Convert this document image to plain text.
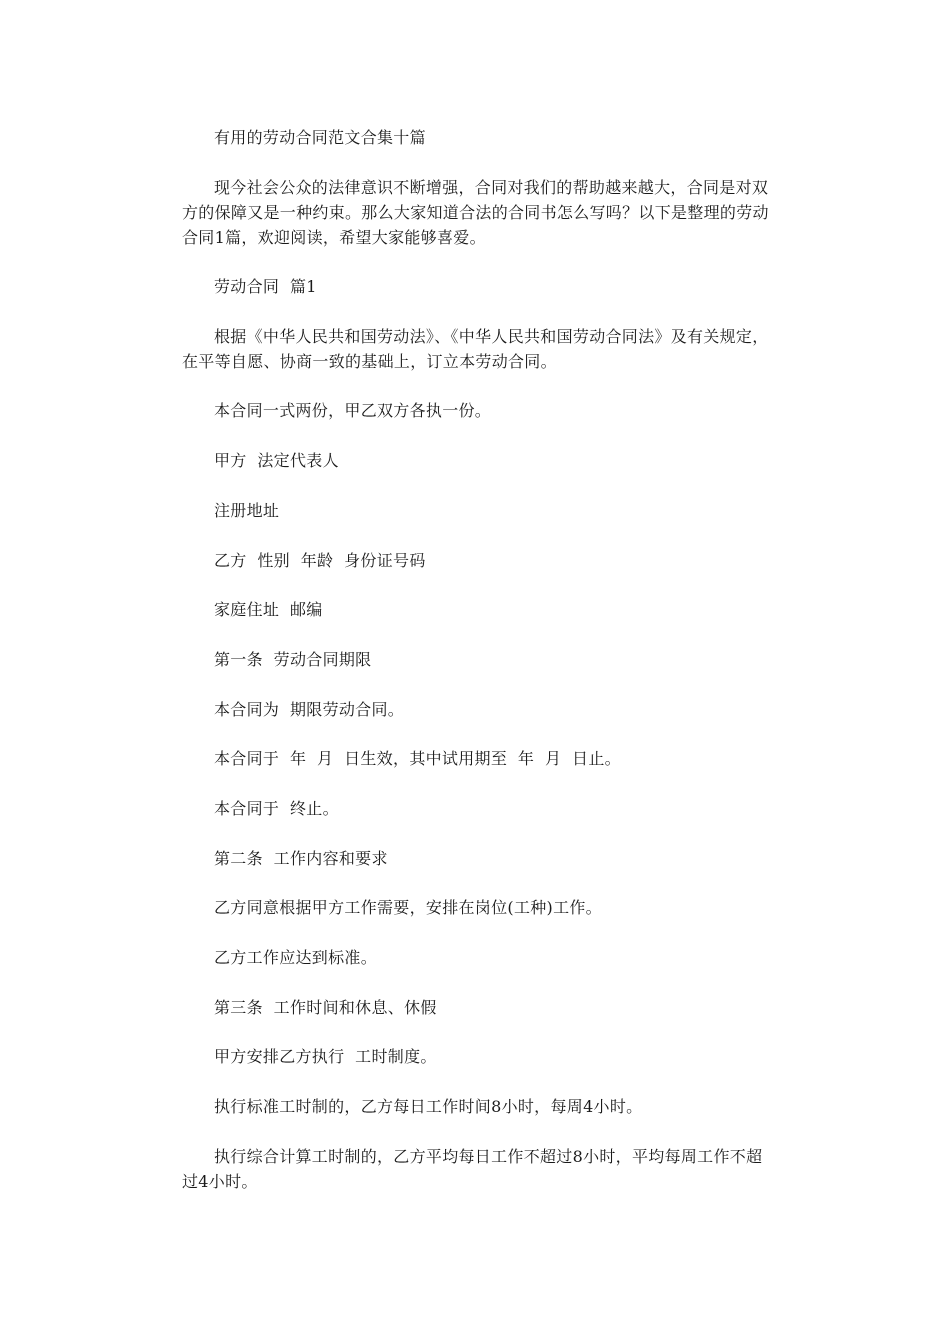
有用的劳动合同范文合集十篇

现今社会公众的法律意识不断增强，合同对我们的帮助越来越大，合同是对双方的保障又是一种约束。那么大家知道合法的合同书怎么写吗？以下是整理的劳动合同1篇，欢迎阅读，希望大家能够喜爱。

劳动合同  篇1

根据《中华人民共和国劳动法》、《中华人民共和国劳动合同法》及有关规定，在平等自愿、协商一致的基础上，订立本劳动合同。

本合同一式两份，甲乙双方各执一份。

甲方  法定代表人

注册地址

乙方  性别  年龄  身份证号码

家庭住址  邮编

第一条  劳动合同期限

本合同为  期限劳动合同。

本合同于  年  月  日生效，其中试用期至  年  月  日止。

本合同于  终止。

第二条  工作内容和要求

乙方同意根据甲方工作需要，安排在岗位(工种)工作。

乙方工作应达到标准。

第三条  工作时间和休息、休假

甲方安排乙方执行  工时制度。

执行标准工时制的，乙方每日工作时间8小时，每周4小时。

执行综合计算工时制的，乙方平均每日工作不超过8小时，平均每周工作不超过4小时。
